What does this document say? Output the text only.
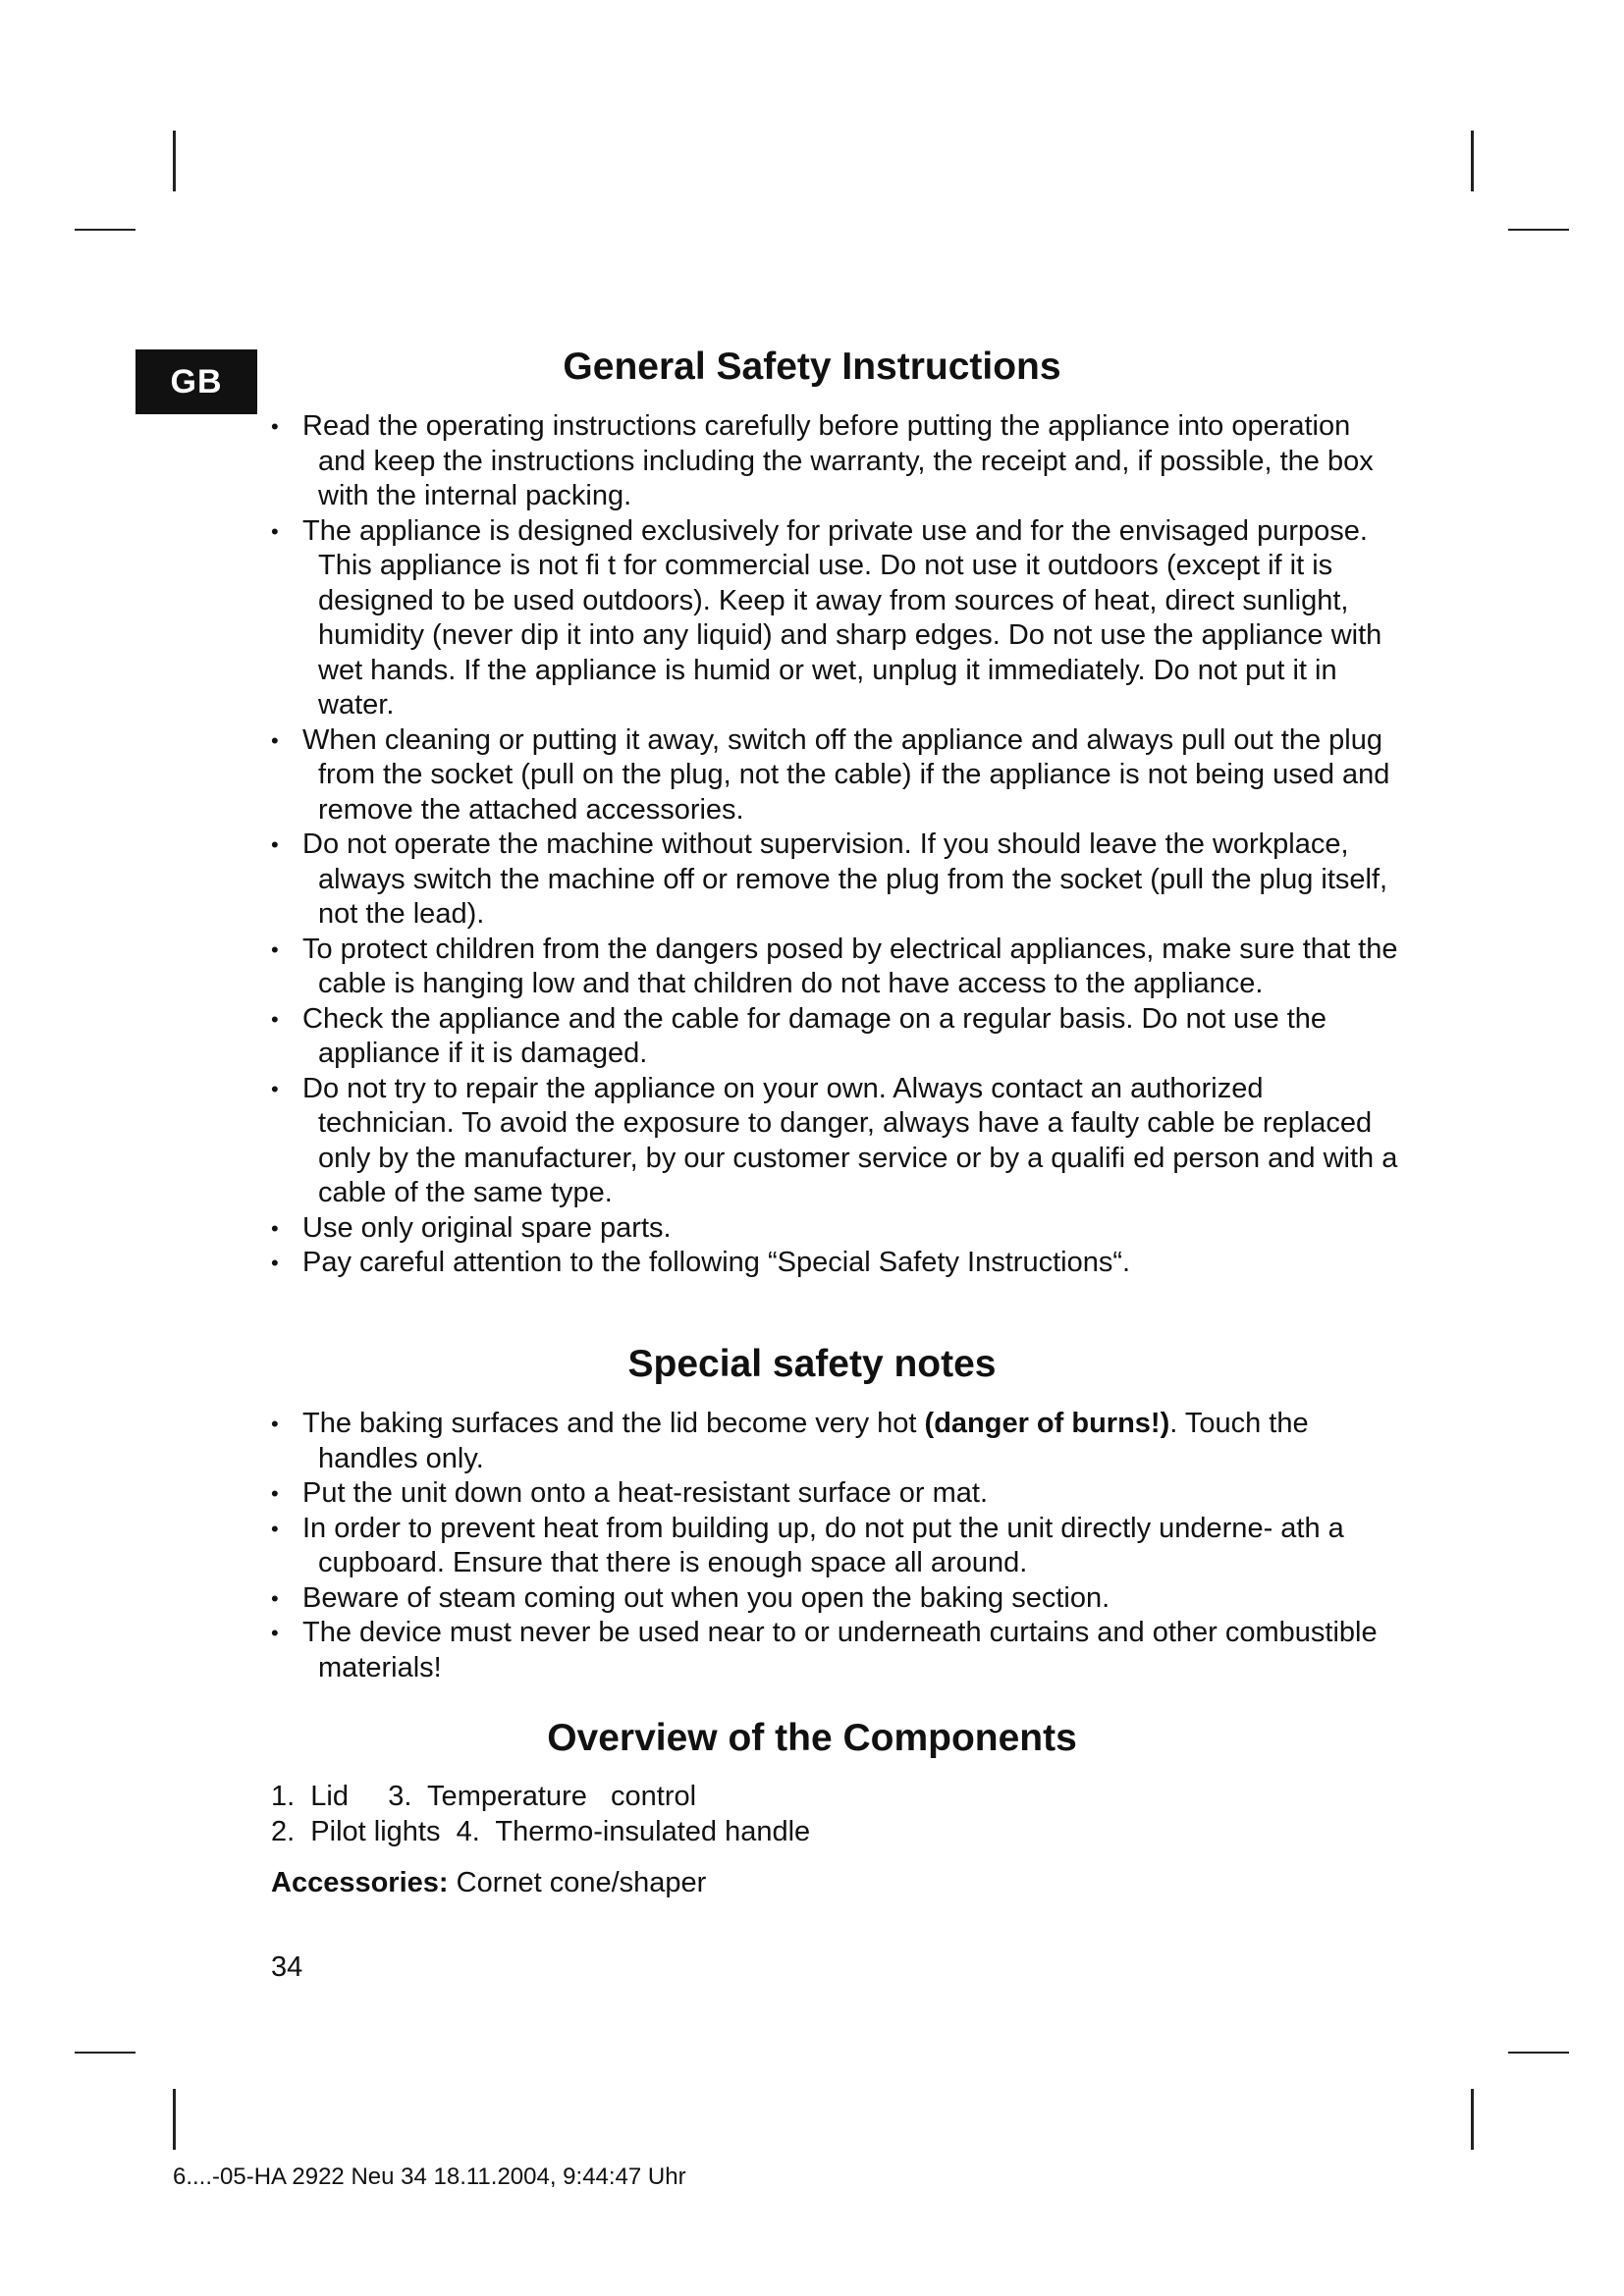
GB	General Safety Instructions
• Read the operating instructions carefully before putting the appliance into operation and keep the instructions including the warranty, the receipt and, if possible, the box with the internal packing.
• The appliance is designed exclusively for private use and for the envisaged purpose. This appliance is not fi t for commercial use. Do not use it outdoors (except if it is designed to be used outdoors). Keep it away from sources of heat, direct sunlight, humidity (never dip it into any liquid) and sharp edges. Do not use the appliance with wet hands. If the appliance is humid or wet, unplug it immediately. Do not put it in water.
• When cleaning or putting it away, switch off the appliance and always pull out the plug from the socket (pull on the plug, not the cable) if the appliance is not being used and remove the attached accessories.
• Do not operate the machine without supervision. If you should leave the workplace, always switch the machine off or remove the plug from the socket (pull the plug itself, not the lead).
• To protect children from the dangers posed by electrical appliances, make sure that the cable is hanging low and that children do not have access to the appliance.
• Check the appliance and the cable for damage on a regular basis. Do not use the appliance if it is damaged.
• Do not try to repair the appliance on your own. Always contact an authorized technician. To avoid the exposure to danger, always have a faulty cable be replaced only by the manufacturer, by our customer service or by a qualifi ed person and with a cable of the same type.
• Use only original spare parts.
• Pay careful attention to the following “Special Safety Instructions“.
Special safety notes
• The baking surfaces and the lid become very hot (danger of burns!). Touch the handles only.
• Put the unit down onto a heat-resistant surface or mat.
• In order to prevent heat from building up, do not put the unit directly underne- ath a cupboard. Ensure that there is enough space all around.
• Beware of steam coming out when you open the baking section.
• The device must never be used near to or underneath curtains and other combustible materials!
Overview of the Components
1.  Lid     3.  Temperature   control
2.  Pilot lights  4.  Thermo-insulated handle
Accessories: Cornet cone/shaper
34
6....-05-HA 2922 Neu 34 18.11.2004, 9:44:47 Uhr
